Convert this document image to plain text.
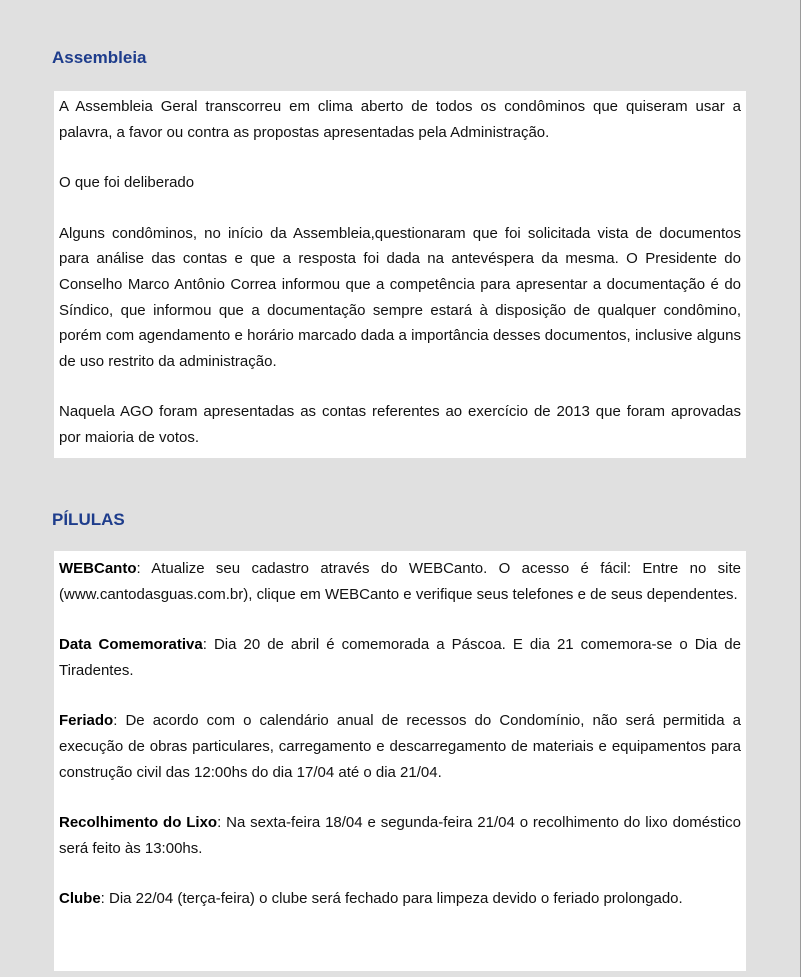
Assembleia

A Assembleia Geral transcorreu em clima aberto de todos os condôminos que quiseram usar a palavra, a favor ou contra as propostas apresentadas pela Administração.

O que foi deliberado

Alguns condôminos, no início da Assembleia,questionaram que foi solicitada vista de documentos para análise das contas e que a resposta foi dada na antevéspera da mesma. O Presidente do Conselho Marco Antônio Correa informou que a competência para apresentar a documentação é do Síndico, que informou que a documentação sempre estará à disposição de qualquer condômino, porém com agendamento e horário marcado dada a importância desses documentos, inclusive alguns de uso restrito da administração.

Naquela AGO foram apresentadas as contas referentes ao exercício de 2013 que foram aprovadas por maioria de votos.

PÍLULAS

WEBCanto: Atualize seu cadastro através do WEBCanto. O acesso é fácil: Entre no site (www.cantodasguas.com.br), clique em WEBCanto e verifique seus telefones e de seus dependentes.

Data Comemorativa: Dia 20 de abril é comemorada a Páscoa. E dia 21 comemora-se o Dia de Tiradentes.

Feriado: De acordo com o calendário anual de recessos do Condomínio, não será permitida a execução de obras particulares, carregamento e descarregamento de materiais e equipamentos para construção civil das 12:00hs do dia 17/04 até o dia 21/04.

Recolhimento do Lixo: Na sexta-feira 18/04 e segunda-feira 21/04 o recolhimento do lixo doméstico será feito às 13:00hs.

Clube: Dia 22/04 (terça-feira) o clube será fechado para limpeza devido o feriado prolongado.
